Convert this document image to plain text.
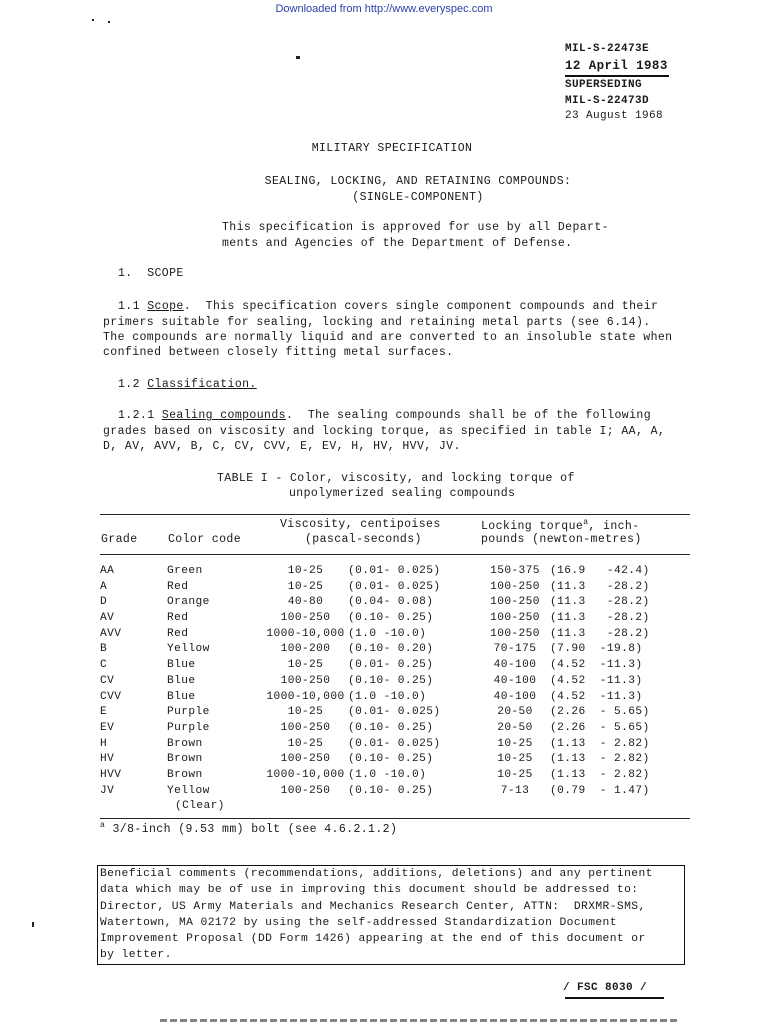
Downloaded from http://www.everyspec.com
MIL-S-22473E
12 April 1983
SUPERSEDING
MIL-S-22473D
23 August 1968
MILITARY SPECIFICATION
SEALING, LOCKING, AND RETAINING COMPOUNDS:
(SINGLE-COMPONENT)
This specification is approved for use by all Depart-
ments and Agencies of the Department of Defense.
1.  SCOPE
1.1 Scope.  This specification covers single component compounds and their
primers suitable for sealing, locking and retaining metal parts (see 6.14).
The compounds are normally liquid and are converted to an insoluble state when
confined between closely fitting metal surfaces.
1.2 Classification.
1.2.1 Sealing compounds.  The sealing compounds shall be of the following
grades based on viscosity and locking torque, as specified in table I; AA, A,
D, AV, AVV, B, C, CV, CVV, E, EV, H, HV, HVV, JV.
TABLE I - Color, viscosity, and locking torque of
unpolymerized sealing compounds
Grade	Color code
Viscosity, centipoises
(pascal-seconds)
Locking torque$^a$, inch-
pounds (newton-metres)
AA	Green	10-25	(0.01- 0.025)	150-375	(16.9   -42.4)
A	Red	10-25	(0.01- 0.025)	100-250	(11.3   -28.2)
D	Orange	40-80	(0.04- 0.08)	100-250	(11.3   -28.2)
AV	Red	100-250	(0.10- 0.25)	100-250	(11.3   -28.2)
AVV	Red	1000-10,000	(1.0 -10.0)	100-250	(11.3   -28.2)
B	Yellow	100-200	(0.10- 0.20)	70-175	(7.90  -19.8)
C	Blue	10-25	(0.01- 0.25)	40-100	(4.52  -11.3)
CV	Blue	100-250	(0.10- 0.25)	40-100	(4.52  -11.3)
CVV	Blue	1000-10,000	(1.0 -10.0)	40-100	(4.52  -11.3)
E	Purple	10-25	(0.01- 0.025)	20-50	(2.26  - 5.65)
EV	Purple	100-250	(0.10- 0.25)	20-50	(2.26  - 5.65)
H	Brown	10-25	(0.01- 0.025)	10-25	(1.13  - 2.82)
HV	Brown	100-250	(0.10- 0.25)	10-25	(1.13  - 2.82)
HVV	Brown	1000-10,000	(1.0 -10.0)	10-25	(1.13  - 2.82)
JV	Yellow	100-250	(0.10- 0.25)	7-13	(0.79  - 1.47)
	(Clear)				
$^a$ 3/8-inch (9.53 mm) bolt (see 4.6.2.1.2)
Beneficial comments (recommendations, additions, deletions) and any pertinent
data which may be of use in improving this document should be addressed to:
Director, US Army Materials and Mechanics Research Center, ATTN:  DRXMR-SMS,
Watertown, MA 02172 by using the self-addressed Standardization Document
Improvement Proposal (DD Form 1426) appearing at the end of this document or
by letter.
/ FSC 8030 /
